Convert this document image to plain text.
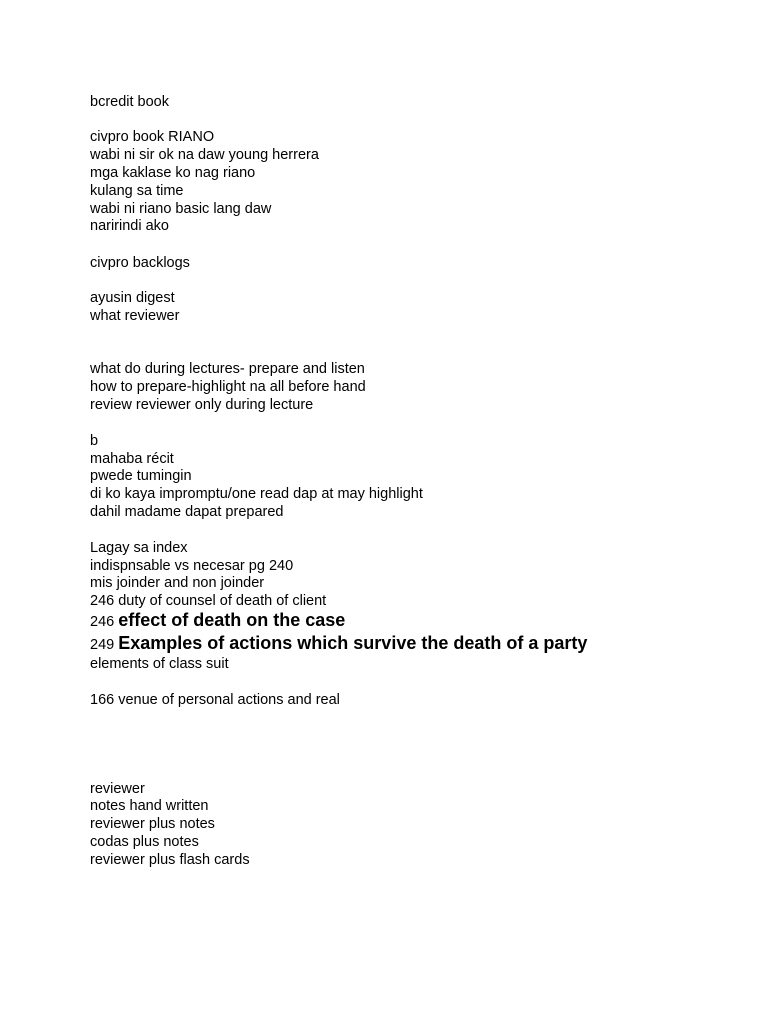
bcredit book
civpro book RIANO
wabi ni sir ok na daw young herrera
mga kaklase ko nag riano
kulang sa time
wabi ni riano basic lang daw
naririndi ako
civpro backlogs
ayusin digest
what reviewer
what do during lectures- prepare and listen
how to prepare-highlight na all before hand
review reviewer only during lecture
b
mahaba récit
pwede tumingin
di ko kaya impromptu/one read dap at may highlight
dahil madame dapat prepared
Lagay sa index
indispnsable vs necesar pg 240
mis joinder and non joinder
246 duty of counsel of death of client
246 effect of death on the case
249 Examples of actions which survive the death of a party
elements of class suit
166 venue of personal actions and real
reviewer
notes hand written
reviewer plus notes
codas plus notes
reviewer plus flash cards
